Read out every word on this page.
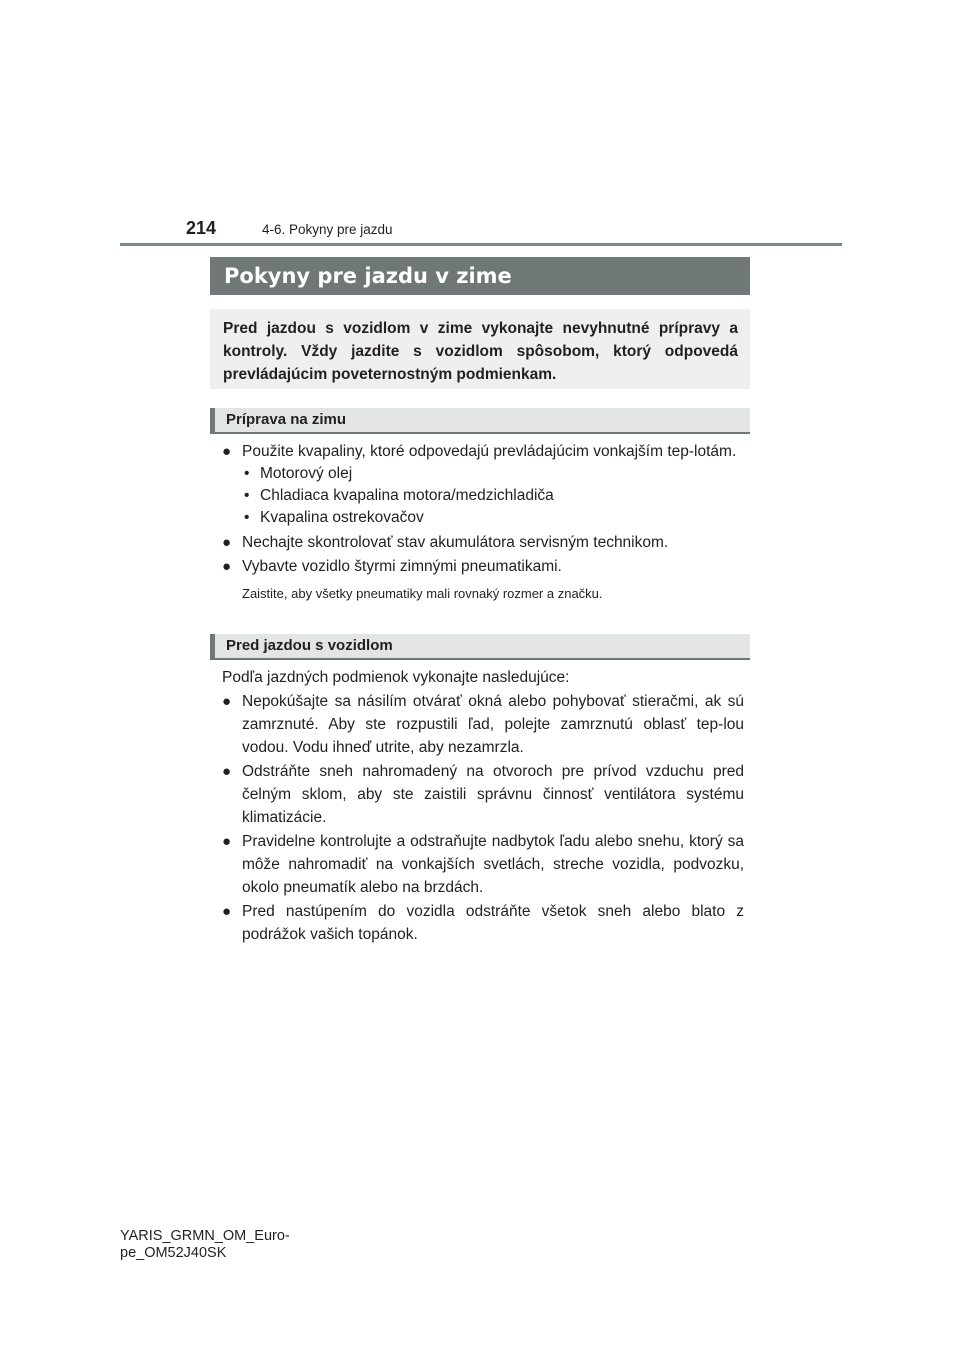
214	4-6. Pokyny pre jazdu
Pokyny pre jazdu v zime
Pred jazdou s vozidlom v zime vykonajte nevyhnutné prípravy a kontroly. Vždy jazdite s vozidlom spôsobom, ktorý odpovedá prevládajúcim poveternostným podmienkam.
Príprava na zimu
● Použite kvapaliny, ktoré odpovedajú prevládajúcim vonkajším tep-lotám.
• Motorový olej
• Chladiaca kvapalina motora/medzichladiča
• Kvapalina ostrekovačov
● Nechajte skontrolovať stav akumulátora servisným technikom.
● Vybavte vozidlo štyrmi zimnými pneumatikami.
Zaistite, aby všetky pneumatiky mali rovnaký rozmer a značku.
Pred jazdou s vozidlom
Podľa jazdných podmienok vykonajte nasledujúce:
● Nepokúšajte sa násilím otvárať okná alebo pohybovať stieračmi, ak sú zamrznuté. Aby ste rozpustili ľad, polejte zamrznutú oblasť tep-lou vodou. Vodu ihneď utrite, aby nezamrzla.
● Odstráňte sneh nahromadený na otvoroch pre prívod vzduchu pred čelným sklom, aby ste zaistili správnu činnosť ventilátora systému klimatizácie.
● Pravidelne kontrolujte a odstraňujte nadbytok ľadu alebo snehu, ktorý sa môže nahromadiť na vonkajších svetlách, streche vozidla, podvozku, okolo pneumatík alebo na brzdách.
● Pred nastúpením do vozidla odstráňte všetok sneh alebo blato z podrážok vašich topánok.
YARIS_GRMN_OM_Euro-
pe_OM52J40SK
